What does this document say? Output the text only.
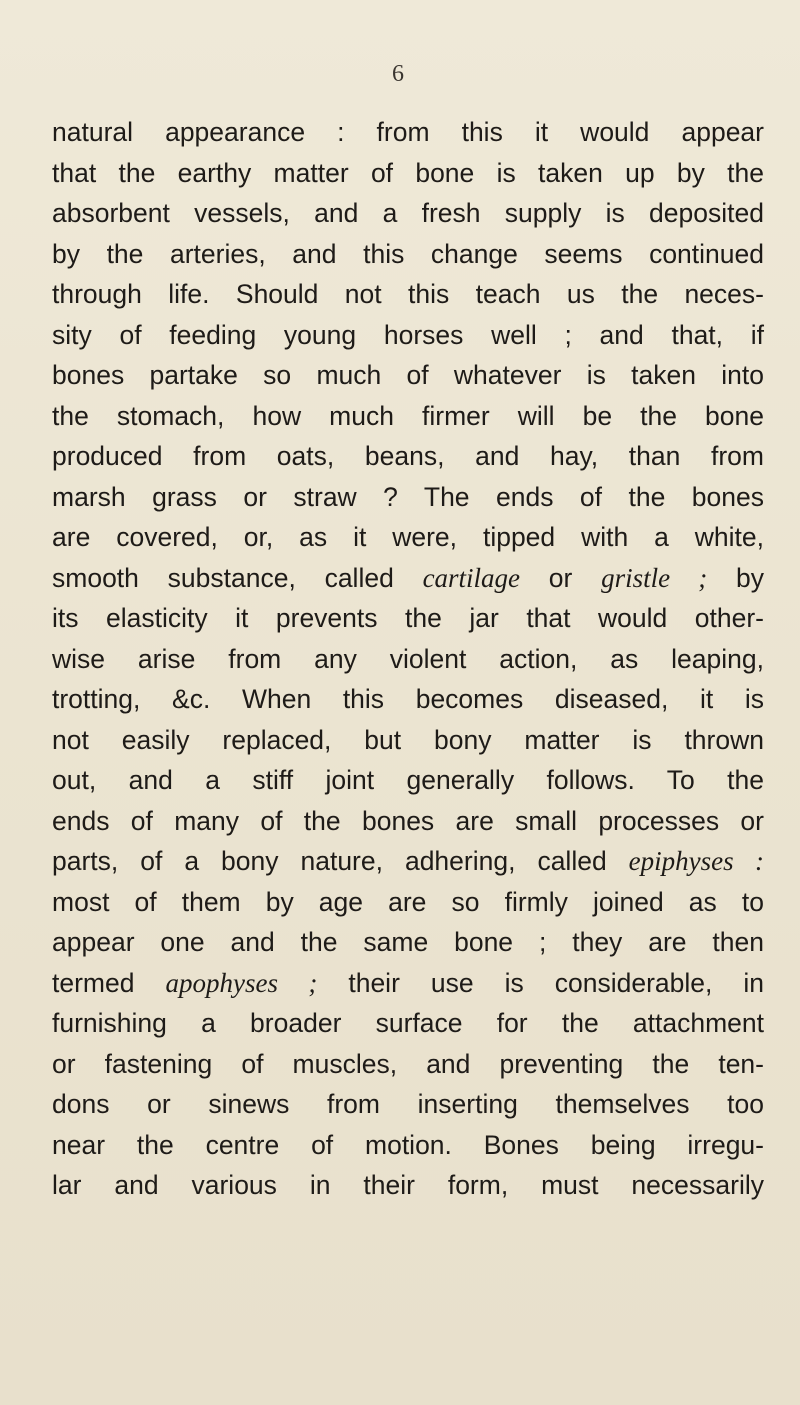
6
natural appearance : from this it would appear
that the earthy matter of bone is taken up by the
absorbent vessels, and a fresh supply is deposited
by the arteries, and this change seems continued
through life. Should not this teach us the neces-
sity of feeding young horses well ; and that, if
bones partake so much of whatever is taken into
the stomach, how much firmer will be the bone
produced from oats, beans, and hay, than from
marsh grass or straw ? The ends of the bones
are covered, or, as it were, tipped with a white,
smooth substance, called cartilage or gristle ; by
its elasticity it prevents the jar that would other-
wise arise from any violent action, as leaping,
trotting, &c. When this becomes diseased, it is
not easily replaced, but bony matter is thrown
out, and a stiff joint generally follows. To the
ends of many of the bones are small processes or
parts, of a bony nature, adhering, called epiphyses :
most of them by age are so firmly joined as to
appear one and the same bone ; they are then
termed apophyses ; their use is considerable, in
furnishing a broader surface for the attachment
or fastening of muscles, and preventing the ten-
dons or sinews from inserting themselves too
near the centre of motion. Bones being irregu-
lar and various in their form, must necessarily
